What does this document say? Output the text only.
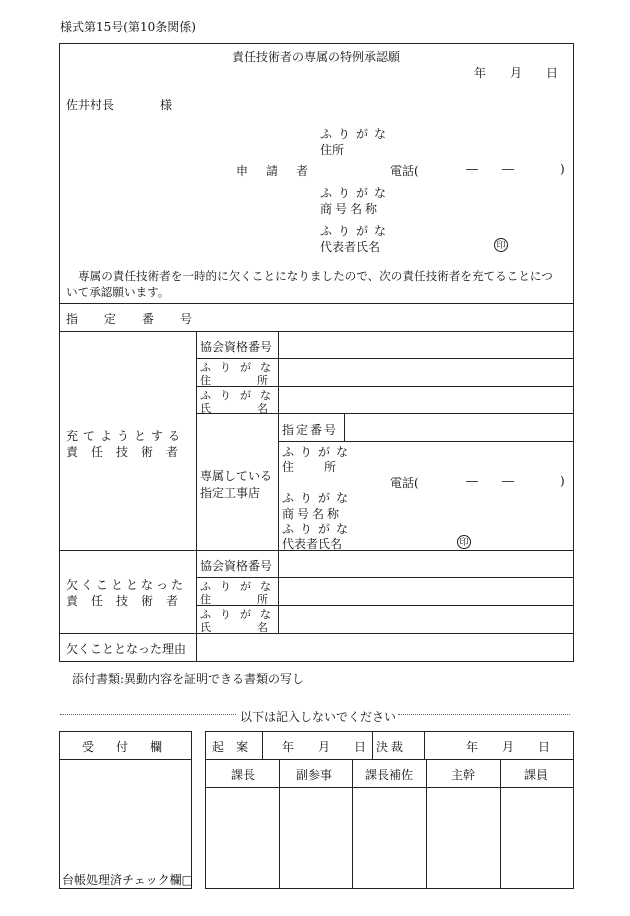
様式第15号(第10条関係)
責任技術者の専属の特例承認願
年 月 日
佐井村長	様
ふりがな
住所
申請者	電話(	― ―	)
ふりがな
商号名称
ふりがな
代表者氏名	印
専属の責任技術者を一時的に欠くことになりましたので、次の責任技術者を充てることにつ
いて承認願います。
指定番号
充てようとする
責任技術者
協会資格番号
ふりがな
住所
ふりがな
氏名
専属している
指定工事店
指定番号
ふりがな
住所
電話(	― ―	)
ふりがな
商号名称
ふりがな
代表者氏名	印
欠くこととなった
責任技術者
協会資格番号
ふりがな
住所
ふりがな
氏名
欠くこととなった理由
添付書類:異動内容を証明できる書類の写し
以下は記入しないでください
受付欄
台帳処理済チェック欄□
起案 年 月 日 決裁	年 月 日
課長	副参事	課長補佐	主幹	課員
